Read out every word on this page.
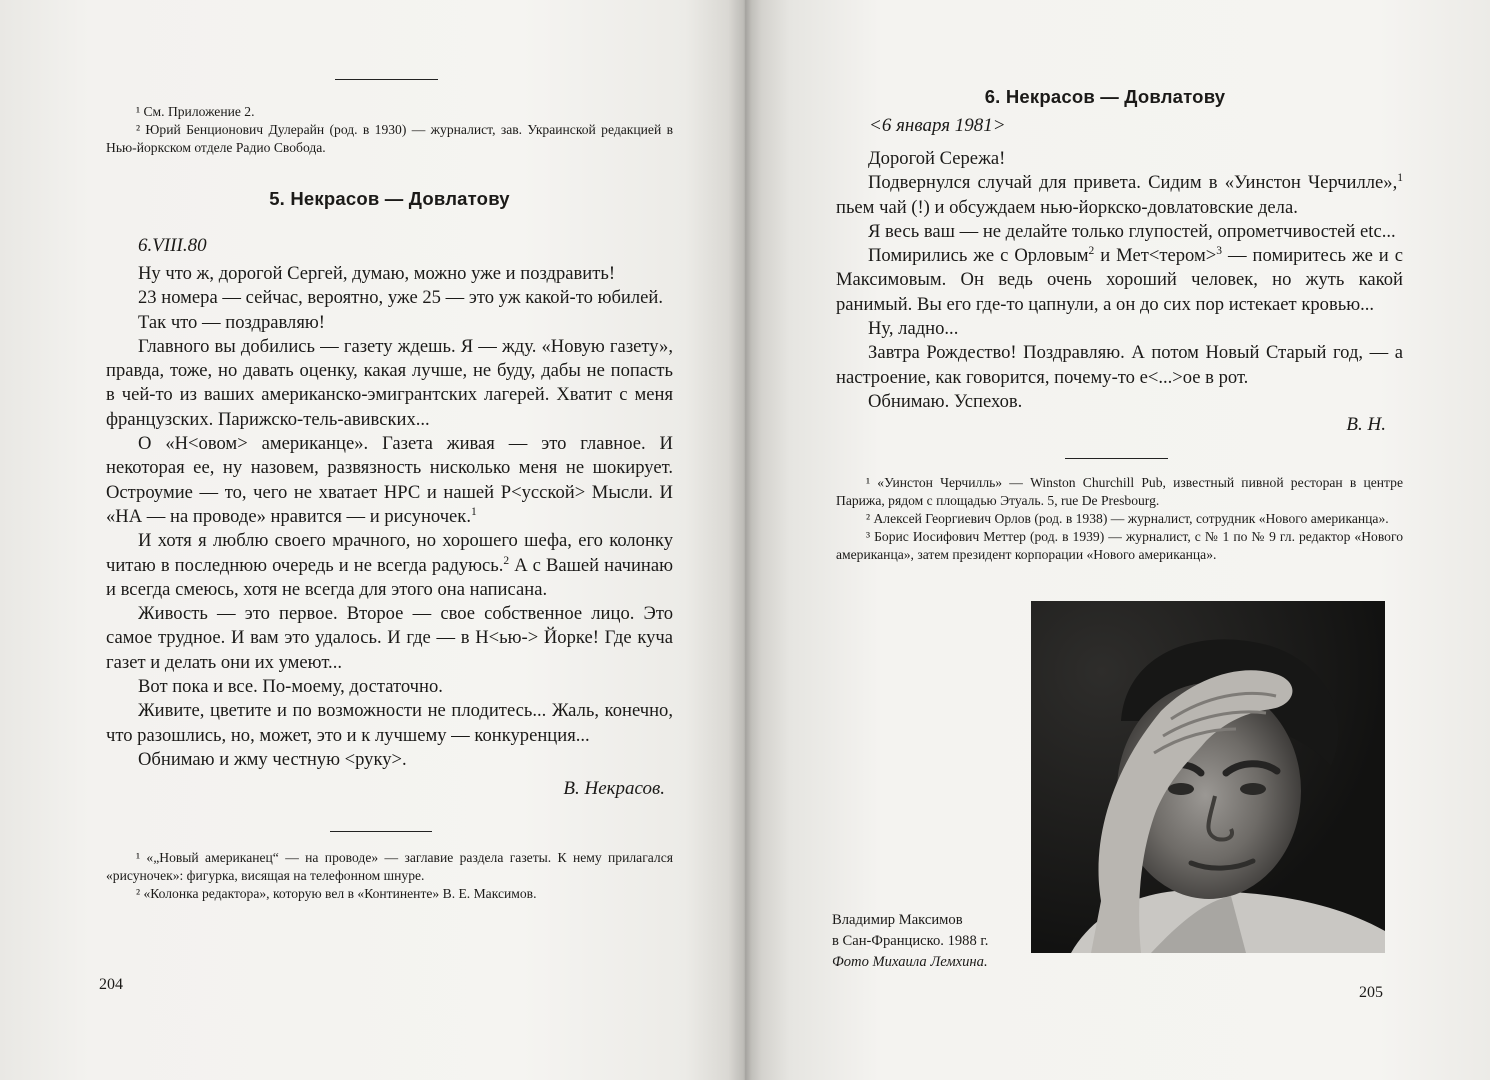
¹ См. Приложение 2.

² Юрий Бенционович Дулерайн (род. в 1930) — журналист, зав. Украинской редакцией в Нью-йоркском отделе Радио Свобода.

5. Некрасов — Довлатову
6.VIII.80

Ну что ж, дорогой Сергей, думаю, можно уже и поздравить!

23 номера — сейчас, вероятно, уже 25 — это уж какой-то юбилей.

Так что — поздравляю!

Главного вы добились — газету ждешь. Я — жду. «Новую газету», правда, тоже, но давать оценку, какая лучше, не буду, дабы не попасть в чей-то из ваших американско-эмигрантских лагерей. Хватит с меня французских. Парижско-тель-авивских...

О «Н<овом> американце». Газета живая — это главное. И некоторая ее, ну назовем, развязность нисколько меня не шокирует. Остроумие — то, чего не хватает НРС и нашей Р<усской> Мысли. И «НА — на проводе» нравится — и рисуночек.$^1$

И хотя я люблю своего мрачного, но хорошего шефа, его колонку читаю в последнюю очередь и не всегда радуюсь.$^2$ А с Вашей начинаю и всегда смеюсь, хотя не всегда для этого она написана.

Живость — это первое. Второе — свое собственное лицо. Это самое трудное. И вам это удалось. И где — в Н<ью-> Йорке! Где куча газет и делать они их умеют...

Вот пока и все. По-моему, достаточно.

Живите, цветите и по возможности не плодитесь... Жаль, конечно, что разошлись, но, может, это и к лучшему — конкуренция...

Обнимаю и жму честную <руку>.

В. Некрасов.

¹ «„Новый американец“ — на проводе» — заглавие раздела газеты. К нему прилагался «рисуночек»: фигурка, висящая на телефонном шнуре.

² «Колонка редактора», которую вел в «Континенте» В. Е. Максимов.

204
6. Некрасов — Довлатову
<6 января 1981>

Дорогой Сережа!

Подвернулся случай для привета. Сидим в «Уинстон Черчилле»,$^1$ пьем чай (!) и обсуждаем нью-йоркско-довлатовские дела.

Я весь ваш — не делайте только глупостей, опрометчивостей etc...

Помирились же с Орловым$^2$ и Мет<тером>$^3$ — помиритесь же и с Максимовым. Он ведь очень хороший человек, но жуть какой ранимый. Вы его где-то цапнули, а он до сих пор истекает кровью...

Ну, ладно...

Завтра Рождество! Поздравляю. А потом Новый Старый год, — а настроение, как говорится, почему-то е<...>ое в рот.

Обнимаю. Успехов.

В. Н.

¹ «Уинстон Черчилль» — Winston Churchill Pub, известный пивной ресторан в центре Парижа, рядом с площадью Этуаль. 5, rue De Presbourg.

² Алексей Георгиевич Орлов (род. в 1938) — журналист, сотрудник «Нового американца».

³ Борис Иосифович Меттер (род. в 1939) — журналист, с № 1 по № 9 гл. редактор «Нового американца», затем президент корпорации «Нового американца».

Владимир Максимов
в Сан-Франциско. 1988 г.
Фото Михаила Лемхина.
205
